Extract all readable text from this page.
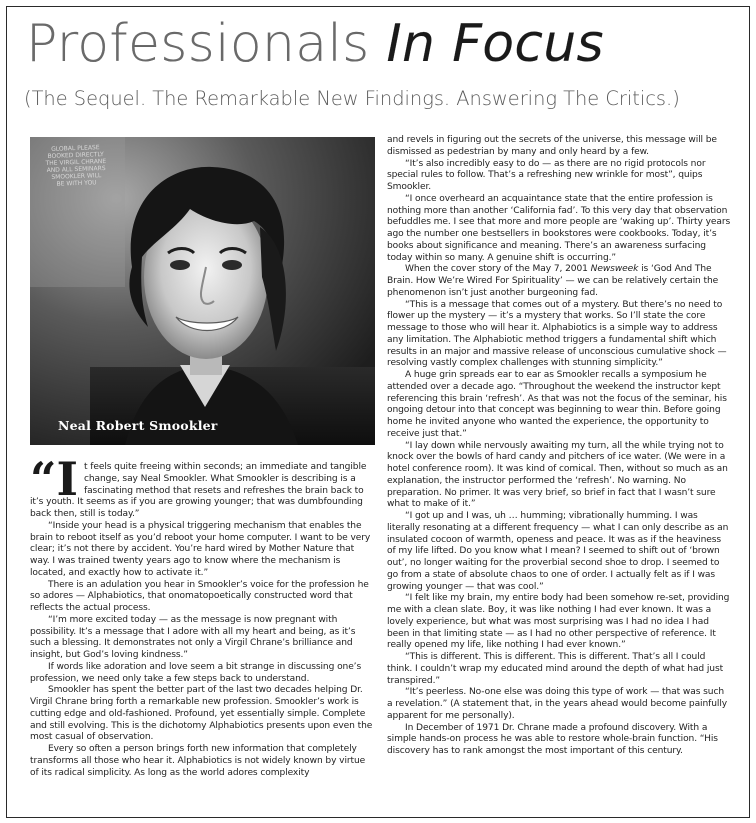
Professionals In Focus
(The Sequel. The Remarkable New Findings. Answering The Critics.)
GLOBAL PLEASE
BOOKED DIRECTLY
THE VIRGIL CHRANE
AND ALL SEMINARS
SMOOKLER WILL
BE WITH YOU
Neal Robert Smookler
“I t feels quite freeing within seconds; an immediate and tangible change, say Neal Smookler. What Smookler is describing is a fascinating method that resets and refreshes the brain back to it’s youth. It seems as if you are growing younger; that was dumbfounding back then, still is today.”

“Inside your head is a physical triggering mechanism that enables the brain to reboot itself as you’d reboot your home computer. I want to be very clear; it’s not there by accident. You’re hard wired by Mother Nature that way. I was trained twenty years ago to know where the mechanism is located, and exactly how to activate it.”

There is an adulation you hear in Smookler’s voice for the profession he so adores — Alphabiotics, that onomatopoetically constructed word that reflects the actual process.

“I’m more excited today — as the message is now pregnant with possibility. It’s a message that I adore with all my heart and being, as it’s such a blessing. It demonstrates not only a Virgil Chrane’s brilliance and insight, but God’s loving kindness.”

If words like adoration and love seem a bit strange in discussing one’s profession, we need only take a few steps back to understand.

Smookler has spent the better part of the last two decades helping Dr. Virgil Chrane bring forth a remarkable new profession. Smookler’s work is cutting edge and old-fashioned. Profound, yet essentially simple. Complete and still evolving. This is the dichotomy Alphabiotics presents upon even the most casual of observation.

Every so often a person brings forth new information that completely transforms all those who hear it. Alphabiotics is not widely known by virtue of its radical simplicity. As long as the world adores complexity

and revels in figuring out the secrets of the universe, this message will be dismissed as pedestrian by many and only heard by a few.

“It’s also incredibly easy to do — as there are no rigid protocols nor special rules to follow. That’s a refreshing new wrinkle for most”, quips Smookler.

“I once overheard an acquaintance state that the entire profession is nothing more than another ‘California fad’. To this very day that observation befuddles me. I see that more and more people are ‘waking up’. Thirty years ago the number one bestsellers in bookstores were cookbooks. Today, it’s books about significance and meaning. There’s an awareness surfacing today within so many. A genuine shift is occurring.”

When the cover story of the May 7, 2001 Newsweek is ‘God And The Brain. How We’re Wired For Spirituality’ — we can be relatively certain the phenomenon isn’t just another burgeoning fad.

“This is a message that comes out of a mystery. But there’s no need to flower up the mystery — it’s a mystery that works. So I’ll state the core message to those who will hear it. Alphabiotics is a simple way to address any limitation. The Alphabiotic method triggers a fundamental shift which results in an major and massive release of unconscious cumulative shock — resolving vastly complex challenges with stunning simplicity.”

A huge grin spreads ear to ear as Smookler recalls a symposium he attended over a decade ago. “Throughout the weekend the instructor kept referencing this brain ‘refresh’. As that was not the focus of the seminar, his ongoing detour into that concept was beginning to wear thin. Before going home he invited anyone who wanted the experience, the opportunity to receive just that.”

“I lay down while nervously awaiting my turn, all the while trying not to knock over the bowls of hard candy and pitchers of ice water. (We were in a hotel conference room). It was kind of comical. Then, without so much as an explanation, the instructor performed the ‘refresh’. No warning. No preparation. No primer. It was very brief, so brief in fact that I wasn’t sure what to make of it.”

“I got up and I was, uh … humming; vibrationally humming. I was literally resonating at a different frequency — what I can only describe as an insulated cocoon of warmth, openess and peace. It was as if the heaviness of my life lifted. Do you know what I mean? I seemed to shift out of ‘brown out’, no longer waiting for the proverbial second shoe to drop. I seemed to go from a state of absolute chaos to one of order. I actually felt as if I was growing younger — that was cool.”

“I felt like my brain, my entire body had been somehow re-set, providing me with a clean slate. Boy, it was like nothing I had ever known. It was a lovely experience, but what was most surprising was I had no idea I had been in that limiting state — as I had no other perspective of reference. It really opened my life, like nothing I had ever known.”

“This is different. This is different. This is different. That’s all I could think. I couldn’t wrap my educated mind around the depth of what had just transpired.”

“It’s peerless. No-one else was doing this type of work — that was such a revelation.” (A statement that, in the years ahead would become painfully apparent for me personally).

In December of 1971 Dr. Chrane made a profound discovery. With a simple hands-on process he was able to restore whole-brain function. “His discovery has to rank amongst the most important of this century.
